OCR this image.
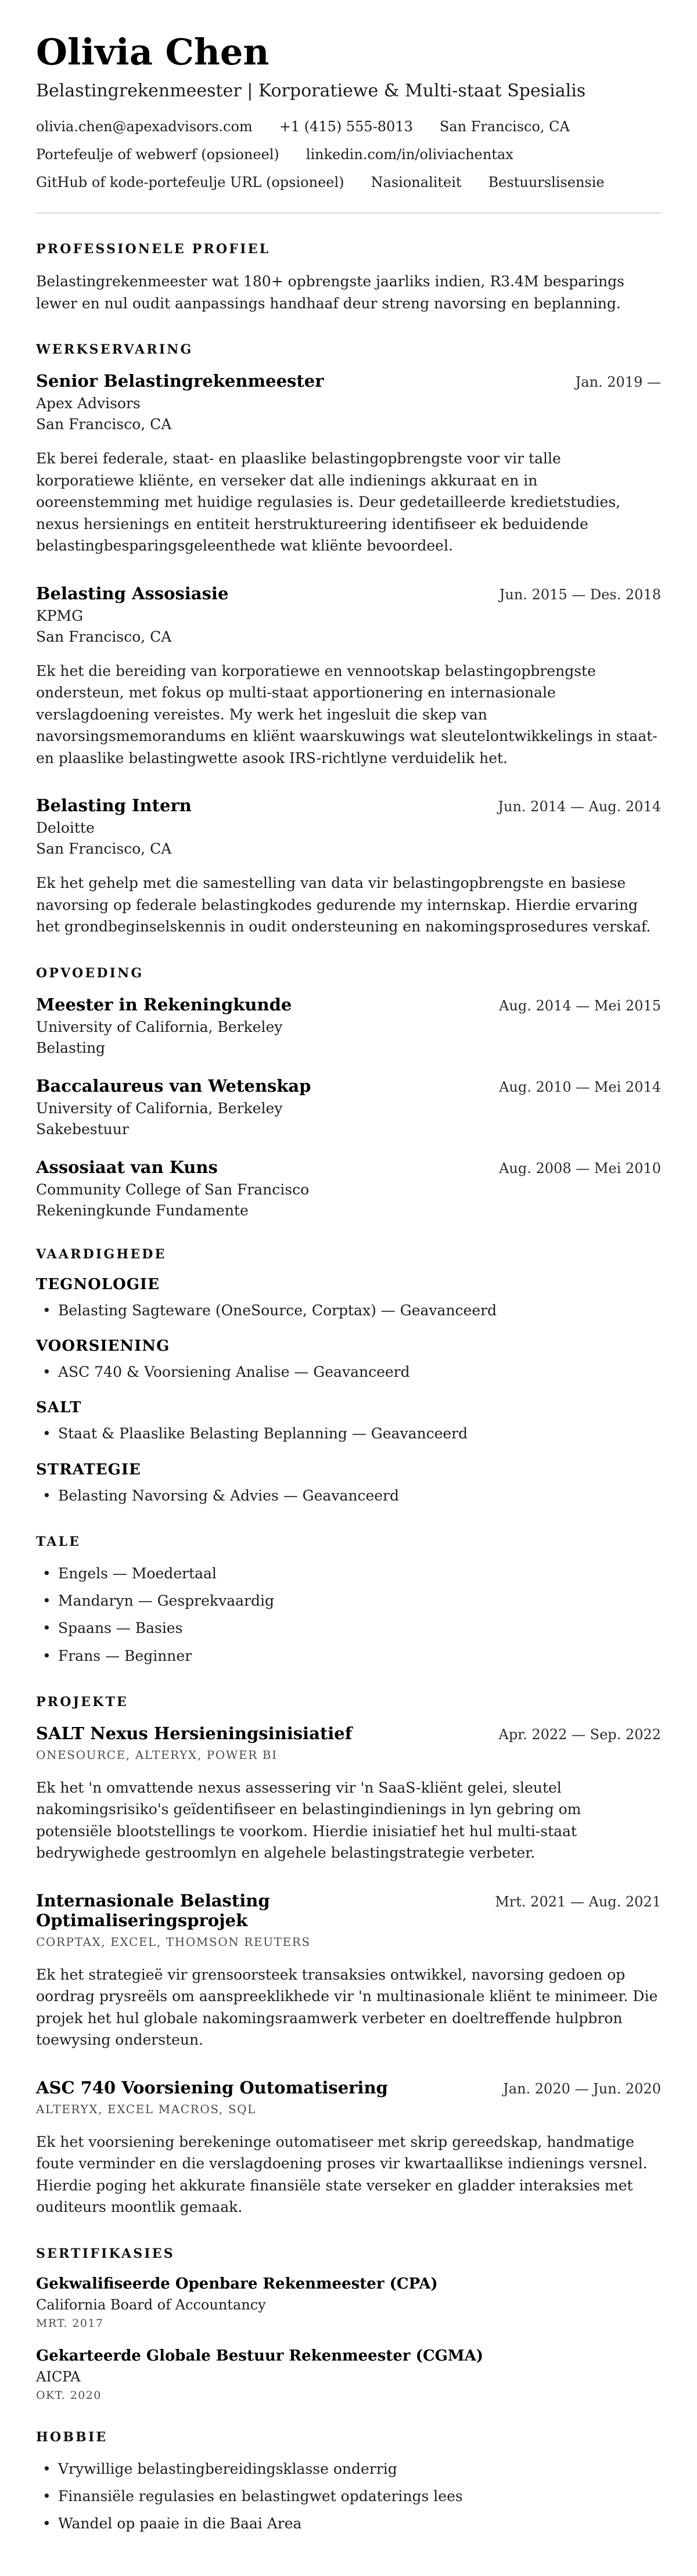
Olivia Chen
Belastingrekenmeester | Korporatiewe & Multi-staat Spesialis
olivia.chen@apexadvisors.com +1 (415) 555-8013 San Francisco, CA
Portefeulje of webwerf (opsioneel) linkedin.com/in/oliviachentax
GitHub of kode-portefeulje URL (opsioneel) Nasionaliteit Bestuurslisensie
PROFESSIONELE PROFIEL

Belastingrekenmeester wat 180+ opbrengste jaarliks indien, R3.4M besparings lewer en nul oudit aanpassings handhaaf deur streng navorsing en beplanning.

WERKSERVARING
Senior Belastingrekenmeester	Jan. 2019 —
Apex Advisors
San Francisco, CA

Ek berei federale, staat- en plaaslike belastingopbrengste voor vir talle korporatiewe kliënte, en verseker dat alle indienings akkuraat en in ooreenstemming met huidige regulasies is. Deur gedetailleerde kredietstudies, nexus hersienings en entiteit herstruktureering identifiseer ek beduidende belastingbesparingsgeleenthede wat kliënte bevoordeel.

Belasting Assosiasie	Jun. 2015 — Des. 2018
KPMG
San Francisco, CA

Ek het die bereiding van korporatiewe en vennootskap belastingopbrengste ondersteun, met fokus op multi-staat apportionering en internasionale verslagdoening vereistes. My werk het ingesluit die skep van navorsingsmemorandums en kliënt waarskuwings wat sleutelontwikkelings in staat- en plaaslike belastingwette asook IRS-richtlyne verduidelik het.

Belasting Intern	Jun. 2014 — Aug. 2014
Deloitte
San Francisco, CA

Ek het gehelp met die samestelling van data vir belastingopbrengste en basiese navorsing op federale belastingkodes gedurende my internskap. Hierdie ervaring het grondbeginselskennis in oudit ondersteuning en nakomingsprosedures verskaf.

OPVOEDING
Meester in Rekeningkunde	Aug. 2014 — Mei 2015
University of California, Berkeley
Belasting
Baccalaureus van Wetenskap	Aug. 2010 — Mei 2014
University of California, Berkeley
Sakebestuur
Assosiaat van Kuns	Aug. 2008 — Mei 2010
Community College of San Francisco
Rekeningkunde Fundamente
VAARDIGHEDE
TEGNOLOGIE
• Belasting Sagteware (OneSource, Corptax) — Geavanceerd
VOORSIENING
• ASC 740 & Voorsiening Analise — Geavanceerd
SALT
• Staat & Plaaslike Belasting Beplanning — Geavanceerd
STRATEGIE
• Belasting Navorsing & Advies — Geavanceerd
TALE
• Engels — Moedertaal
• Mandaryn — Gesprekvaardig
• Spaans — Basies
• Frans — Beginner
PROJEKTE
SALT Nexus Hersieningsinisiatief	Apr. 2022 — Sep. 2022
ONESOURCE, ALTERYX, POWER BI

Ek het 'n omvattende nexus assessering vir 'n SaaS-kliënt gelei, sleutel nakomingsrisiko's geïdentifiseer en belastingindienings in lyn gebring om potensiële blootstellings te voorkom. Hierdie inisiatief het hul multi-staat bedrywighede gestroomlyn en algehele belastingstrategie verbeter.

Internasionale Belasting Optimaliseringsprojek
Mrt. 2021 — Aug. 2021
CORPTAX, EXCEL, THOMSON REUTERS

Ek het strategieë vir grensoorsteek transaksies ontwikkel, navorsing gedoen op oordrag prysreëls om aanspreeklikhede vir 'n multinasionale kliënt te minimeer. Die projek het hul globale nakomingsraamwerk verbeter en doeltreffende hulpbron toewysing ondersteun.

ASC 740 Voorsiening Outomatisering	Jan. 2020 — Jun. 2020
ALTERYX, EXCEL MACROS, SQL

Ek het voorsiening berekeninge outomatiseer met skrip gereedskap, handmatige foute verminder en die verslagdoening proses vir kwartaallikse indienings versnel. Hierdie poging het akkurate finansiële state verseker en gladder interaksies met ouditeurs moontlik gemaak.

SERTIFIKASIES
Gekwalifiseerde Openbare Rekenmeester (CPA)
California Board of Accountancy
MRT. 2017
Gekarteerde Globale Bestuur Rekenmeester (CGMA)
AICPA
OKT. 2020
HOBBIE
• Vrywillige belastingbereidingsklasse onderrig
• Finansiële regulasies en belastingwet opdaterings lees
• Wandel op paaie in die Baai Area
